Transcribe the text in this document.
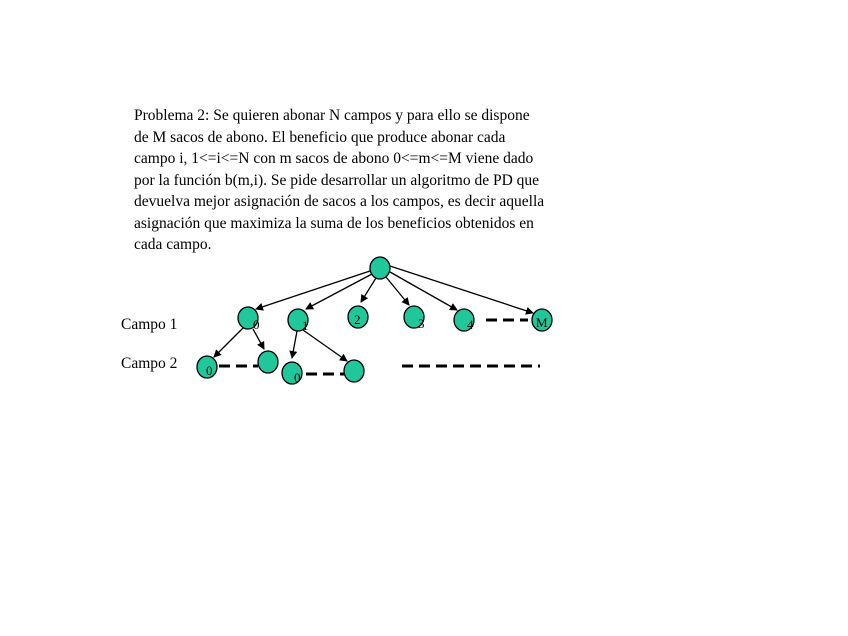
Problema 2: Se quieren abonar N campos y para ello se dispone
de M sacos de abono. El beneficio que produce abonar cada
campo i, 1<=i<=N con m sacos de abono 0<=m<=M viene dado
por la función b(m,i). Se pide desarrollar un algoritmo de PD que
devuelva mejor asignación de sacos a los campos, es decir aquella
asignación que maximiza la suma de los beneficios obtenidos en
cada campo.

Campo 1
Campo 2
0	1	2	3	4	M
0	0
